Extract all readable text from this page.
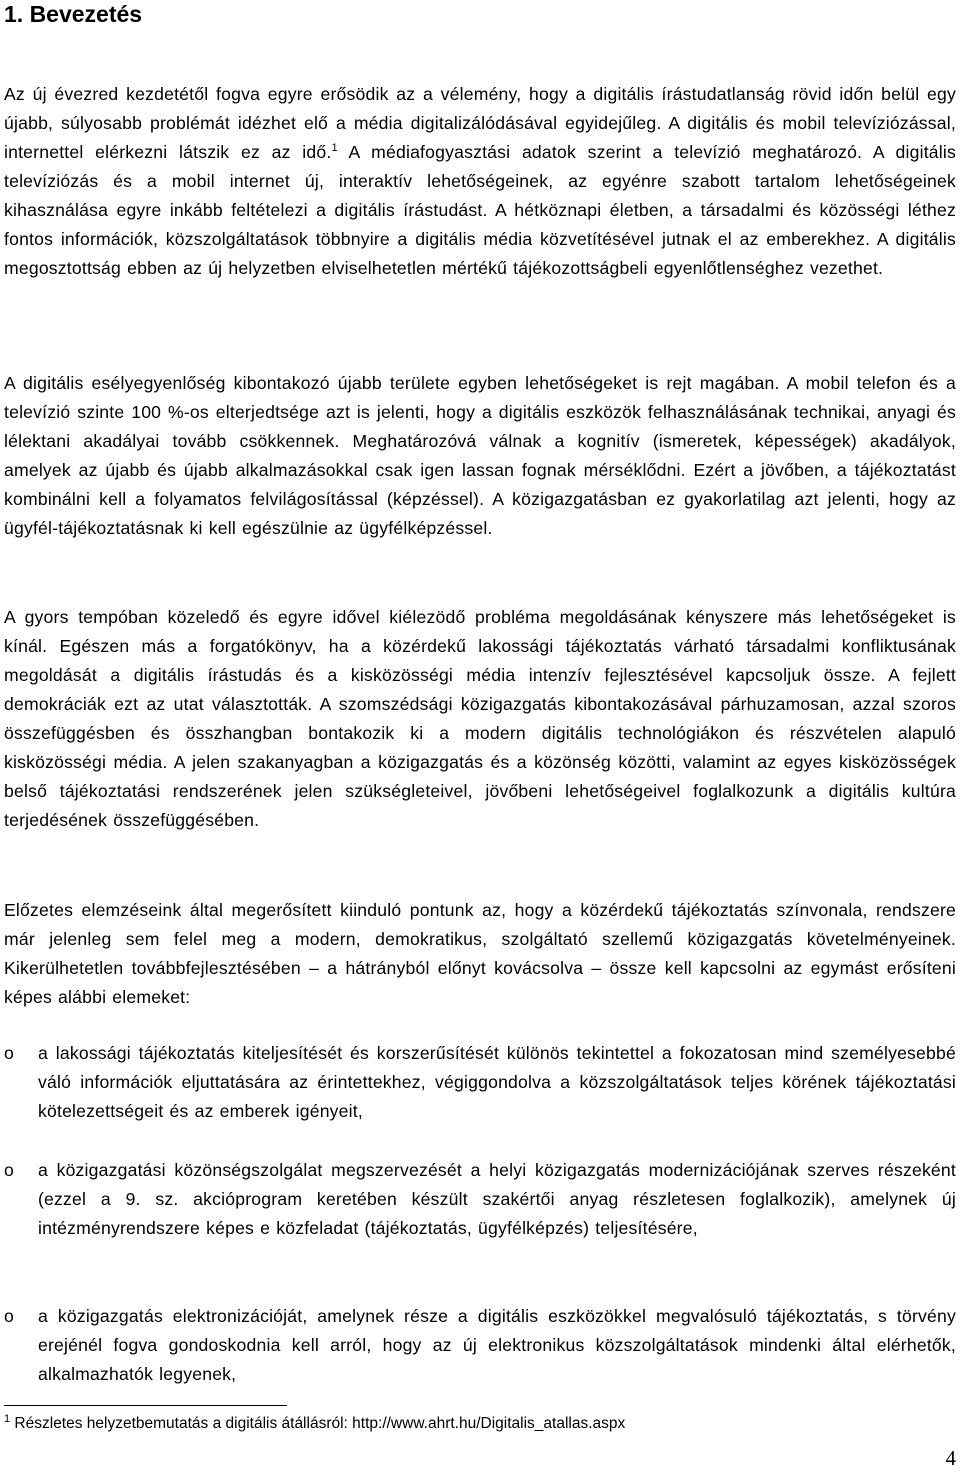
1. Bevezetés

Az új évezred kezdetétől fogva egyre erősödik az a vélemény, hogy a digitális írástudatlanság rövid időn belül egy újabb, súlyosabb problémát idézhet elő a média digitalizálódásával egyidejűleg. A digitális és mobil televíziózással, internettel elérkezni látszik ez az idő.$^1$ A médiafogyasztási adatok szerint a televízió meghatározó. A digitális televíziózás és a mobil internet új, interaktív lehetőségeinek, az egyénre szabott tartalom lehetőségeinek kihasználása egyre inkább feltételezi a digitális írástudást. A hétköznapi életben, a társadalmi és közösségi léthez fontos információk, közszolgáltatások többnyire a digitális média közvetítésével jutnak el az emberekhez. A digitális megosztottság ebben az új helyzetben elviselhetetlen mértékű tájékozottságbeli egyenlőtlenséghez vezethet.

A digitális esélyegyenlőség kibontakozó újabb területe egyben lehetőségeket is rejt magában. A mobil telefon és a televízió szinte 100 %-os elterjedtsége azt is jelenti, hogy a digitális eszközök felhasználásának technikai, anyagi és lélektani akadályai tovább csökkennek. Meghatározóvá válnak a kognitív (ismeretek, képességek) akadályok, amelyek az újabb és újabb alkalmazásokkal csak igen lassan fognak mérséklődni. Ezért a jövőben, a tájékoztatást kombinálni kell a folyamatos felvilágosítással (képzéssel). A közigazgatásban ez gyakorlatilag azt jelenti, hogy az ügyfél-tájékoztatásnak ki kell egészülnie az ügyfélképzéssel.

A gyors tempóban közeledő és egyre idővel kiélezödő probléma megoldásának kényszere más lehetőségeket is kínál. Egészen más a forgatókönyv, ha a közérdekű lakossági tájékoztatás várható társadalmi konfliktusának megoldását a digitális írástudás és a kisközösségi média intenzív fejlesztésével kapcsoljuk össze. A fejlett demokráciák ezt az utat választották. A szomszédsági közigazgatás kibontakozásával párhuzamosan, azzal szoros összefüggésben és összhangban bontakozik ki a modern digitális technológiákon és részvételen alapuló kisközösségi média. A jelen szakanyagban a közigazgatás és a közönség közötti, valamint az egyes kisközösségek belső tájékoztatási rendszerének jelen szükségleteivel, jövőbeni lehetőségeivel foglalkozunk a digitális kultúra terjedésének összefüggésében.

Előzetes elemzéseink által megerősített kiinduló pontunk az, hogy a közérdekű tájékoztatás színvonala, rendszere már jelenleg sem felel meg a modern, demokratikus, szolgáltató szellemű közigazgatás követelményeinek. Kikerülhetetlen továbbfejlesztésében – a hátrányból előnyt kovácsolva – össze kell kapcsolni az egymást erősíteni képes alábbi elemeket:

o	a lakossági tájékoztatás kiteljesítését és korszerűsítését különös tekintettel a fokozatosan mind személyesebbé váló információk eljuttatására az érintettekhez, végiggondolva a közszolgáltatások teljes körének tájékoztatási kötelezettségeit és az emberek igényeit,
o	a közigazgatási közönségszolgálat megszervezését a helyi közigazgatás modernizációjának szerves részeként (ezzel a 9. sz. akcióprogram keretében készült szakértői anyag részletesen foglalkozik), amelynek új intézményrendszere képes e közfeladat (tájékoztatás, ügyfélképzés) teljesítésére,
o	a közigazgatás elektronizációját, amelynek része a digitális eszközökkel megvalósuló tájékoztatás, s törvény erejénél fogva gondoskodnia kell arról, hogy az új elektronikus közszolgáltatások mindenki által elérhetők, alkalmazhatók legyenek,

$^1$ Részletes helyzetbemutatás a digitális átállásról: http://www.ahrt.hu/Digitalis_atallas.aspx

4
